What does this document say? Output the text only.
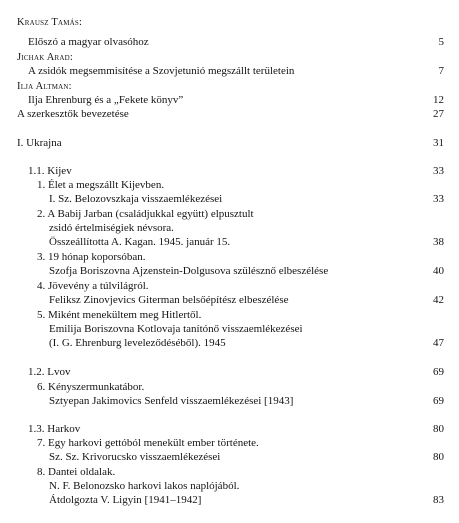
Krausz Tamás:
Előszó a magyar olvasóhoz	5
Jichak Arad:
A zsidók megsemmisítése a Szovjetunió megszállt területein	7
Ilja Altman:
Ilja Ehrenburg és a „Fekete könyv”	12
A szerkesztők bevezetése	27
I. Ukrajna	31
1.1. Kijev	33
1. Élet a megszállt Kijevben.
I. Sz. Belozovszkaja visszaemlékezései	33
2. A Babij Jarban (családjukkal együtt) elpusztult
zsidó értelmiségiek névsora.
Összeállította A. Kagan. 1945. január 15.	38
3. 19 hónap koporsóban.
Szofja Boriszovna Ajzenstein-Dolgusova szülésznő elbeszélése	40
4. Jövevény a túlvilágról.
Feliksz Zinovjevics Giterman belsőépítész elbeszélése	42
5. Miként menekültem meg Hitlertől.
Emilija Boriszovna Kotlovaja tanítónő visszaemlékezései
(I. G. Ehrenburg leveleződéséből). 1945	47
1.2. Lvov	69
6. Kényszermunkatábor.
Sztyepan Jakimovics Senfeld visszaemlékezései [1943]	69
1.3. Harkov	80
7. Egy harkovi gettóból menekült ember története.
Sz. Sz. Krivorucsko visszaemlékezései	80
8. Dantei oldalak.
N. F. Belonozsko harkovi lakos naplójából.
Átdolgozta V. Ligyin [1941–1942]	83
